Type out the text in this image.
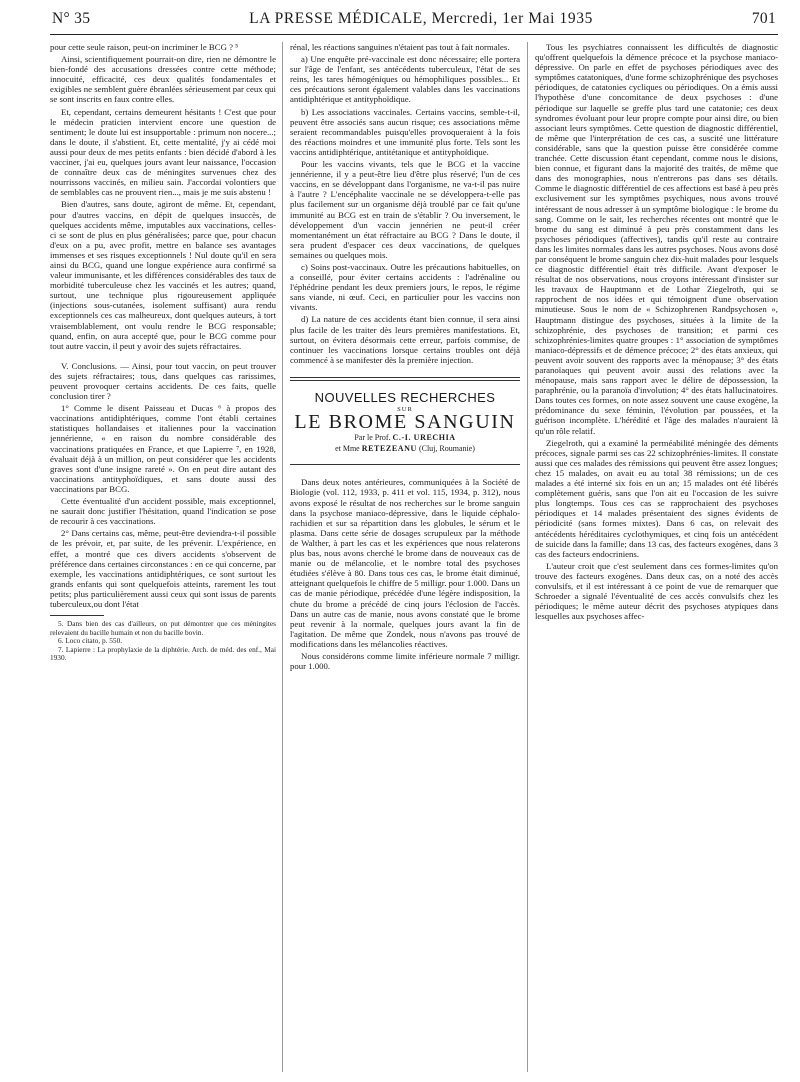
N° 35	LA PRESSE MÉDICALE, Mercredi, 1er Mai 1935	701

pour cette seule raison, peut-on incriminer le BCG ? ⁵

Ainsi, scientifiquement pourrait-on dire, rien ne démontre le bien-fondé des accusations dressées contre cette méthode; innocuité, efficacité, ces deux qualités fondamentales et exigibles ne semblent guère ébranlées sérieusement par ceux qui se sont inscrits en faux contre elles.

Et, cependant, certains demeurent hésitants ! C'est que pour le médecin praticien intervient encore une question de sentiment; le doute lui est insupportable : primum non nocere...; dans le doute, il s'abstient. Et, cette mentalité, j'y ai cédé moi aussi pour deux de mes petits enfants : bien décidé d'abord à les vacciner, j'ai eu, quelques jours avant leur naissance, l'occasion de connaître deux cas de méningites survenues chez des nourrissons vaccinés, en milieu sain. J'accordai volontiers que de semblables cas ne prouvent rien..., mais je me suis abstenu !

Bien d'autres, sans doute, agiront de même. Et, cependant, pour d'autres vaccins, en dépit de quelques insuccès, de quelques accidents même, imputables aux vaccinations, celles-ci se sont de plus en plus généralisées; parce que, pour chacun d'eux on a pu, avec profit, mettre en balance ses avantages immenses et ses risques exceptionnels ! Nul doute qu'il en sera ainsi du BCG, quand une longue expérience aura confirmé sa valeur immunisante, et les différences considérables des taux de morbidité tuberculeuse chez les vaccinés et les autres; quand, surtout, une technique plus rigoureusement appliquée (injections sous-cutanées, isolement suffisant) aura rendu exceptionnels ces cas malheureux, dont quelques auteurs, à tort vraisemblablement, ont voulu rendre le BCG responsable; quand, enfin, on aura accepté que, pour le BCG comme pour tout autre vaccin, il peut y avoir des sujets réfractaires.

V. Conclusions. — Ainsi, pour tout vaccin, on peut trouver des sujets réfractaires; tous, dans quelques cas rarissimes, peuvent provoquer certains accidents. De ces faits, quelle conclusion tirer ?

1° Comme le disent Paisseau et Ducas ⁶ à propos des vaccinations antidiphtériques, comme l'ont établi certaines statistiques hollandaises et italiennes pour la vaccination jennérienne, « en raison du nombre considérable des vaccinations pratiquées en France, et que Lapierre ⁷, en 1928, évaluait déjà à un million, on peut considérer que les accidents graves sont d'une insigne rareté ». On en peut dire autant des vaccinations antityphoïdiques, et sans doute aussi des vaccinations par BCG.

Cette éventualité d'un accident possible, mais exceptionnel, ne saurait donc justifier l'hésitation, quand l'indication se pose de recourir à ces vaccinations.

2° Dans certains cas, même, peut-être deviendra-t-il possible de les prévoir, et, par suite, de les prévenir. L'expérience, en effet, a montré que ces divers accidents s'observent de préférence dans certaines circonstances : en ce qui concerne, par exemple, les vaccinations antidiphtériques, ce sont surtout les grands enfants qui sont quelquefois atteints, rarement les tout petits; plus particulièrement aussi ceux qui sont issus de parents tuberculeux,ou dont l'état

5. Dans bien des cas d'ailleurs, on put démontrer que ces méningites relevaient du bacille humain et non du bacille bovin.

6. Loco citato, p. 550.

7. Lapierre : La prophylaxie de la diphtérie. Arch. de méd. des enf., Mai 1930.

rénal, les réactions sanguines n'étaient pas tout à fait normales.

a) Une enquête pré-vaccinale est donc nécessaire; elle portera sur l'âge de l'enfant, ses antécédents tuberculeux, l'état de ses reins, les tares hémogéniques ou hémophiliques possibles... Et ces précautions seront également valables dans les vaccinations antidiphtérique et antityphoïdique.

b) Les associations vaccinales. Certains vaccins, semble-t-il, peuvent être associés sans aucun risque; ces associations même seraient recommandables puisqu'elles provoqueraient à la fois des réactions moindres et une immunité plus forte. Tels sont les vaccins antidiphtérique, antitétanique et antityphoïdique.

Pour les vaccins vivants, tels que le BCG et la vaccine jennérienne, il y a peut-être lieu d'être plus réservé; l'un de ces vaccins, en se développant dans l'organisme, ne va-t-il pas nuire à l'autre ? L'encéphalite vaccinale ne se développera-t-elle pas plus facilement sur un organisme déjà troublé par ce fait qu'une immunité au BCG est en train de s'établir ? Ou inversement, le développement d'un vaccin jennérien ne peut-il créer momentanément un état réfractaire au BCG ? Dans le doute, il sera prudent d'espacer ces deux vaccinations, de quelques semaines ou quelques mois.

c) Soins post-vaccinaux. Outre les précautions habituelles, on a conseillé, pour éviter certains accidents : l'adrénaline ou l'éphédrine pendant les deux premiers jours, le repos, le régime sans viande, ni œuf. Ceci, en particulier pour les vaccins non vivants.

d) La nature de ces accidents étant bien connue, il sera ainsi plus facile de les traiter dès leurs premières manifestations. Et, surtout, on évitera désormais cette erreur, parfois commise, de continuer les vaccinations lorsque certains troubles ont déjà commencé à se manifester dès la première injection.

NOUVELLES RECHERCHES
SUR
LE BROME SANGUIN
Par le Prof. C.-I. URECHIA
et Mme RETEZEANU (Cluj, Roumanie)

Dans deux notes antérieures, communiquées à la Société de Biologie (vol. 112, 1933, p. 411 et vol. 115, 1934, p. 312), nous avons exposé le résultat de nos recherches sur le brome sanguin dans la psychose maniaco-dépressive, dans le liquide céphalo-rachidien et sur sa répartition dans les globules, le sérum et le plasma. Dans cette série de dosages scrupuleux par la méthode de Walther, à part les cas et les expériences que nous relaterons plus bas, nous avons cherché le brome dans de nouveaux cas de manie ou de mélancolie, et le nombre total des psychoses étudiées s'élève à 80. Dans tous ces cas, le brome était diminué, atteignant quelquefois le chiffre de 5 milligr. pour 1.000. Dans un cas de manie périodique, précédée d'une légère indisposition, la chute du brome a précédé de cinq jours l'éclosion de l'accès. Dans un autre cas de manie, nous avons constaté que le brome peut revenir à la normale, quelques jours avant la fin de l'agitation. De même que Zondek, nous n'avons pas trouvé de modifications dans les mélancolies réactives.

Nous considérons comme limite inférieure normale 7 milligr. pour 1.000.

Tous les psychiatres connaissent les difficultés de diagnostic qu'offrent quelquefois la démence précoce et la psychose maniaco-dépressive. On parle en effet de psychoses périodiques avec des symptômes catatoniques, d'une forme schizophrénique des psychoses périodiques, de catatonies cycliques ou périodiques. On a émis aussi l'hypothèse d'une concomitance de deux psychoses : d'une périodique sur laquelle se greffe plus tard une catatonie; ces deux syndromes évoluant pour leur propre compte pour ainsi dire, ou bien associant leurs symptômes. Cette question de diagnostic différentiel, de même que l'interprétation de ces cas, a suscité une littérature considérable, sans que la question puisse être considérée comme tranchée. Cette discussion étant cependant, comme nous le disions, bien connue, et figurant dans la majorité des traités, de même que dans des monographies, nous n'entrerons pas dans ses détails. Comme le diagnostic différentiel de ces affections est basé à peu près exclusivement sur les symptômes psychiques, nous avons trouvé intéressant de nous adresser à un symptôme biologique : le brome du sang. Comme on le sait, les recherches récentes ont montré que le brome du sang est diminué à peu près constamment dans les psychoses périodiques (affectives), tandis qu'il reste au contraire dans les limites normales dans les autres psychoses. Nous avons dosé par conséquent le brome sanguin chez dix-huit malades pour lesquels ce diagnostic différentiel était très difficile. Avant d'exposer le résultat de nos observations, nous croyons intéressant d'insister sur les travaux de Hauptmann et de Lothar Ziegelroth, qui se rapprochent de nos idées et qui témoignent d'une observation minutieuse. Sous le nom de « Schizophrenen Randpsychosen », Hauptmann distingue des psychoses, situées à la limite de la schizophrénie, des psychoses de transition; et parmi ces schizophrénies-limites quatre groupes : 1° association de symptômes maniaco-dépressifs et de démence précoce; 2° des états anxieux, qui peuvent avoir souvent des rapports avec la ménopause; 3° des états paranoïaques qui peuvent avoir aussi des relations avec la ménopause, mais sans rapport avec le délire de dépossession, la paraphrénie, ou la paranoïa d'involution; 4° des états hallucinatoires. Dans toutes ces formes, on note assez souvent une cause exogène, la prédominance du sexe féminin, l'évolution par poussées, et la guérison incomplète. L'hérédité et l'âge des malades n'auraient là qu'un rôle relatif.

Ziegelroth, qui a examiné la perméabilité méningée des déments précoces, signale parmi ses cas 22 schizophrénies-limites. Il constate aussi que ces malades des rémissions qui peuvent être assez longues; chez 15 malades, on avait eu au total 38 rémissions; un de ces malades a été interné six fois en un an; 15 malades ont été libérés complètement guéris, sans que l'on ait eu l'occasion de les suivre plus longtemps. Tous ces cas se rapprochaient des psychoses périodiques et 14 malades présentaient des signes évidents de périodicité (sans formes mixtes). Dans 6 cas, on relevait des antécédents héréditaires cyclothymiques, et cinq fois un antécédent de suicide dans la famille; dans 13 cas, des facteurs exogènes, dans 3 cas des facteurs endocriniens.

L'auteur croit que c'est seulement dans ces formes-limites qu'on trouve des facteurs exogènes. Dans deux cas, on a noté des accès convulsifs, et il est intéressant à ce point de vue de remarquer que Schroeder a signalé l'éventualité de ces accès convulsifs chez les périodiques; le même auteur décrit des psychoses atypiques dans lesquelles aux psychoses affec-
